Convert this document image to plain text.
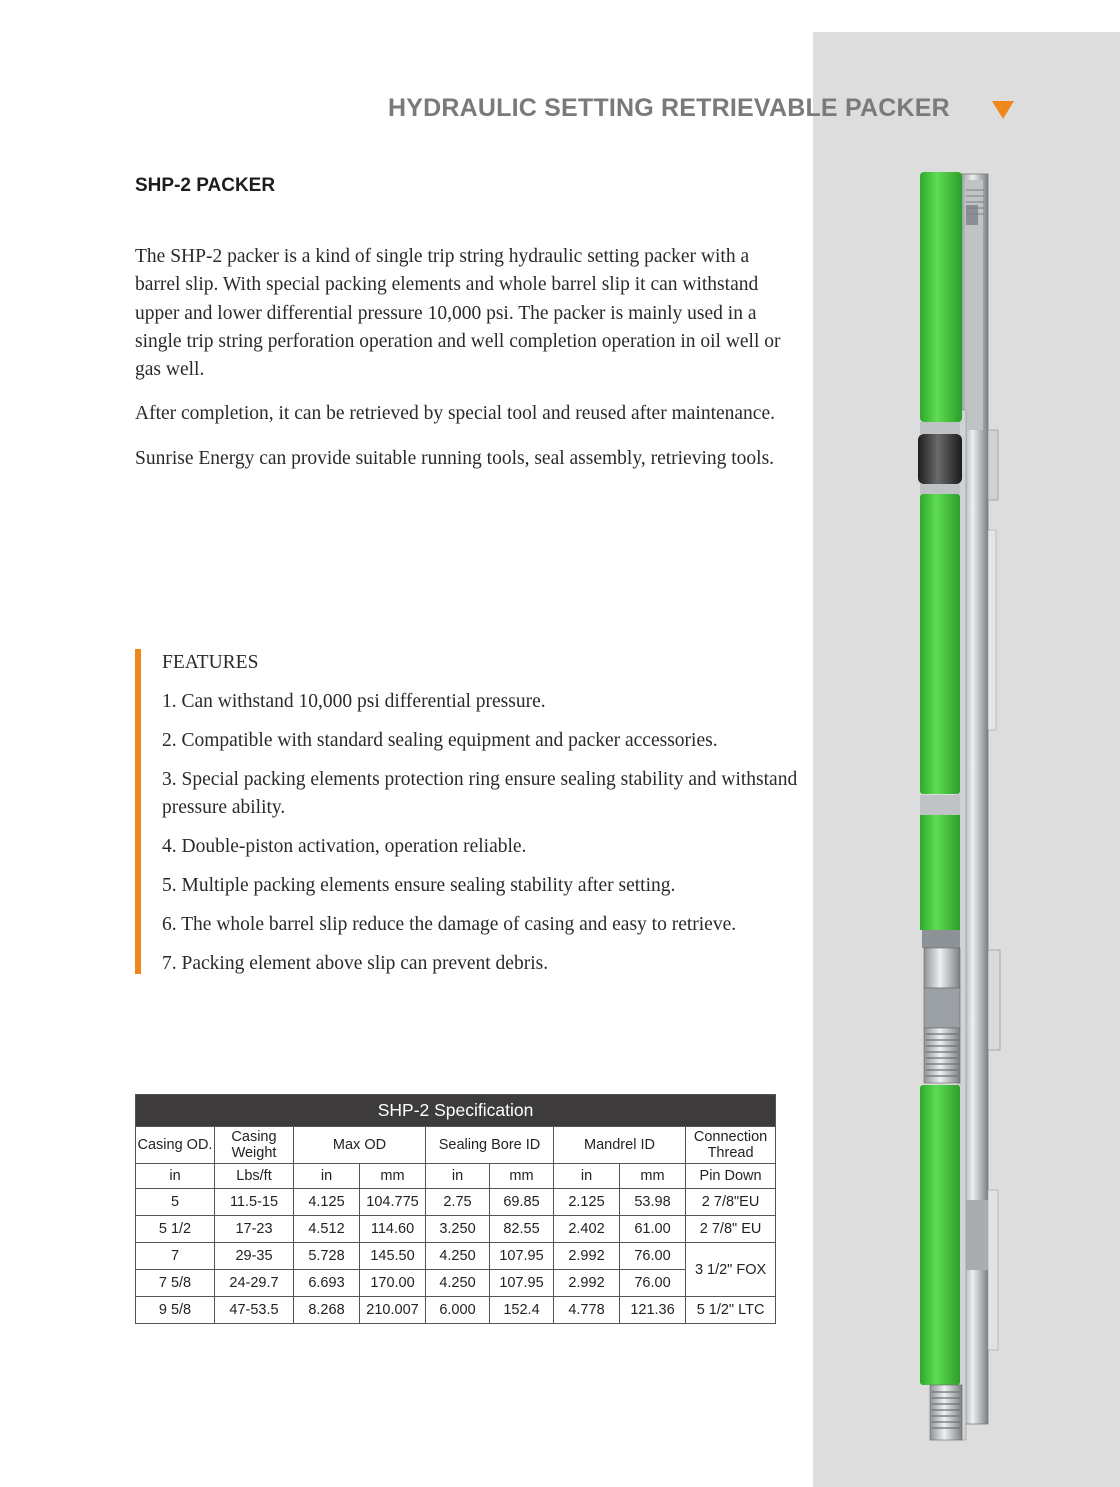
HYDRAULIC SETTING RETRIEVABLE PACKER
SHP-2 PACKER

The SHP-2 packer is a kind of single trip string hydraulic setting packer with a barrel slip. With special packing elements and whole barrel slip it can withstand upper and lower differential pressure 10,000 psi. The packer is mainly used in a single trip string perforation operation and well completion operation in oil well or gas well.

After completion, it can be retrieved by special tool and reused after maintenance.

Sunrise Energy can provide suitable running tools, seal assembly, retrieving tools.

FEATURES
1. Can withstand 10,000 psi differential pressure.
2. Compatible with standard sealing equipment and packer accessories.
3. Special packing elements protection ring ensure sealing stability and withstand pressure ability.
4. Double-piston activation, operation reliable.
5. Multiple packing elements ensure sealing stability after setting.
6. The whole barrel slip reduce the damage of casing and easy to retrieve.
7. Packing element above slip can prevent debris.
SHP-2 Specification								
Casing OD.	Casing Weight	Max OD		Sealing Bore ID		Mandrel ID		Connection Thread
in	Lbs/ft	in	mm	in	mm	in	mm	Pin Down
5	11.5-15	4.125	104.775	2.75	69.85	2.125	53.98	2 7/8"EU
5 1/2	17-23	4.512	114.60	3.250	82.55	2.402	61.00	2 7/8" EU
7	29-35	5.728	145.50	4.250	107.95	2.992	76.00	3 1/2" FOX
7 5/8	24-29.7	6.693	170.00	4.250	107.95	2.992	76.00	
9 5/8	47-53.5	8.268	210.007	6.000	152.4	4.778	121.36	5 1/2" LTC
